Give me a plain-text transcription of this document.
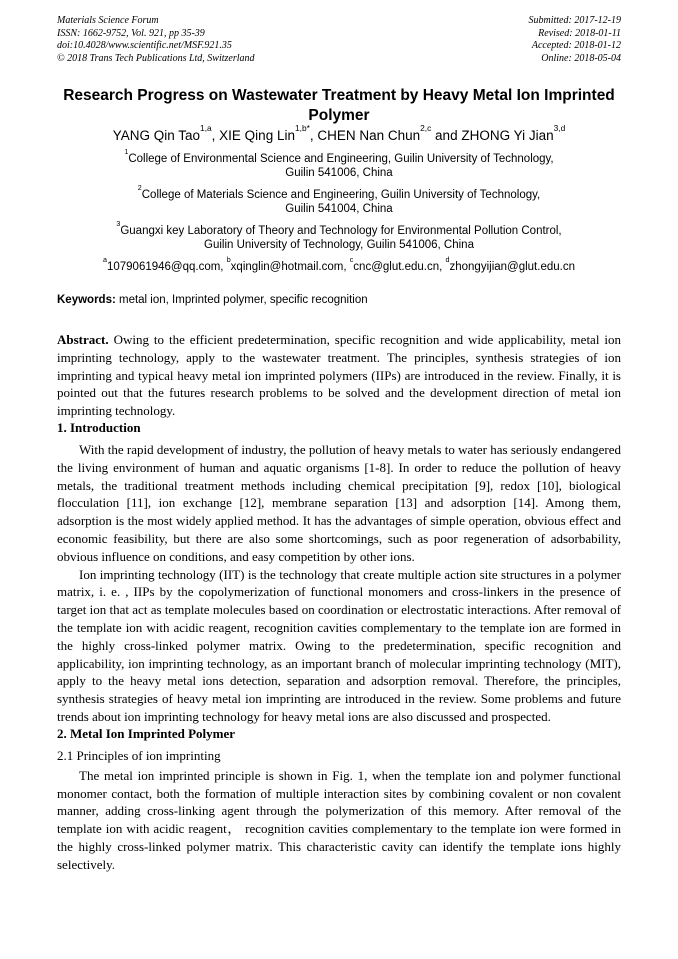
Materials Science Forum
ISSN: 1662-9752, Vol. 921, pp 35-39
doi:10.4028/www.scientific.net/MSF.921.35
© 2018 Trans Tech Publications Ltd, Switzerland
Submitted: 2017-12-19
Revised: 2018-01-11
Accepted: 2018-01-12
Online: 2018-05-04
Research Progress on Wastewater Treatment by Heavy Metal Ion Imprinted Polymer
YANG Qin Tao$^{1,a}$, XIE Qing Lin$^{1,b*}$, CHEN Nan Chun$^{2,c}$ and ZHONG Yi Jian$^{3,d}$
$^1$College of Environmental Science and Engineering, Guilin University of Technology,
Guilin 541006, China
$^2$College of Materials Science and Engineering, Guilin University of Technology,
Guilin 541004, China
$^3$Guangxi key Laboratory of Theory and Technology for Environmental Pollution Control,
Guilin University of Technology, Guilin 541006, China
$^a$1079061946@qq.com, $^b$xqinglin@hotmail.com, $^c$cnc@glut.edu.cn, $^d$zhongyijian@glut.edu.cn
Keywords: metal ion, Imprinted polymer, specific recognition

Abstract. Owing to the efficient predetermination, specific recognition and wide applicability, metal ion imprinting technology, apply to the wastewater treatment. The principles, synthesis strategies of ion imprinting and typical heavy metal ion imprinted polymers (IIPs) are introduced in the review. Finally, it is pointed out that the futures research problems to be solved and the development direction of metal ion imprinting technology.

1. Introduction

With the rapid development of industry, the pollution of heavy metals to water has seriously endangered the living environment of human and aquatic organisms [1-8]. In order to reduce the pollution of heavy metals, the traditional treatment methods including chemical precipitation [9], redox [10], biological flocculation [11], ion exchange [12], membrane separation [13] and adsorption [14]. Among them, adsorption is the most widely applied method. It has the advantages of simple operation, obvious effect and economic feasibility, but there are also some shortcomings, such as poor regeneration of adsorbability, obvious influence on conditions, and easy competition by other ions.

Ion imprinting technology (IIT) is the technology that create multiple action site structures in a polymer matrix, i. e. , IIPs by the copolymerization of functional monomers and cross-linkers in the presence of target ion that act as template molecules based on coordination or electrostatic interactions. After removal of the template ion with acidic reagent, recognition cavities complementary to the template ion are formed in the highly cross-linked polymer matrix. Owing to the predetermination, specific recognition and applicability, ion imprinting technology, as an important branch of molecular imprinting technology (MIT), apply to the heavy metal ions detection, separation and adsorption removal. Therefore, the principles, synthesis strategies of heavy metal ion imprinting are introduced in the review. Some problems and future trends about ion imprinting technology for heavy metal ions are also discussed and prospected.

2. Metal Ion Imprinted Polymer
2.1 Principles of ion imprinting

The metal ion imprinted principle is shown in Fig. 1, when the template ion and polymer functional monomer contact, both the formation of multiple interaction sites by combining covalent or non covalent manner, adding cross-linking agent through the polymerization of this memory. After removal of the template ion with acidic reagent， recognition cavities complementary to the template ion were formed in the highly cross-linked polymer matrix. This characteristic cavity can identify the template ions highly selectively.
